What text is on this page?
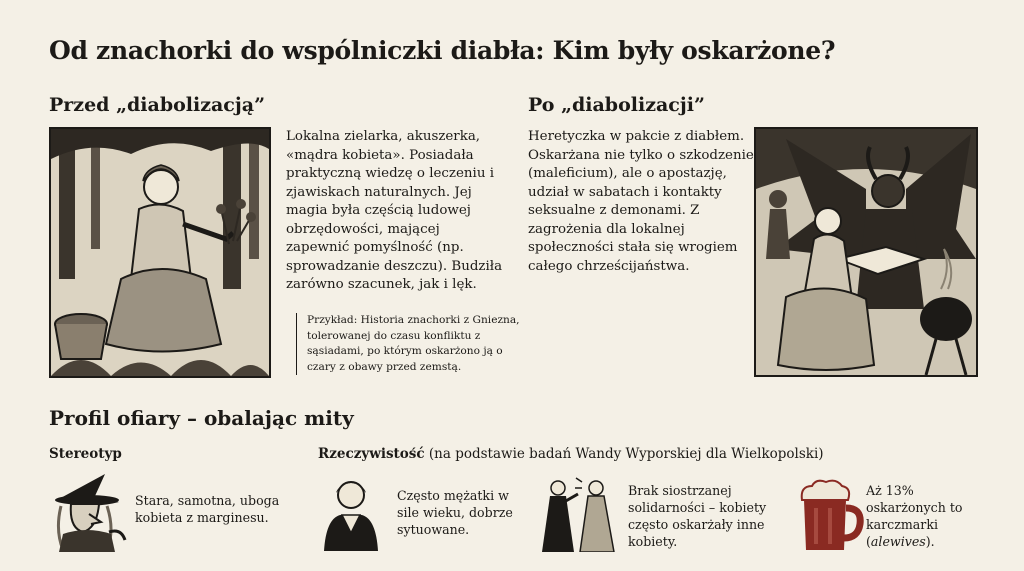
Od znachorki do wspólniczki diabła: Kim były oskarżone?
Przed „diabolizacją”	Po „diabolizacji”
Lokalna zielarka, akuszerka, «mądra kobieta». Posiadała praktyczną wiedzę o leczeniu i zjawiskach naturalnych. Jej magia była częścią ludowej obrzędowości, mającej zapewnić pomyślność (np. sprowadzanie deszczu). Budziła zarówno szacunek, jak i lęk.
Przykład: Historia znachorki z Gniezna, tolerowanej do czasu konfliktu z sąsiadami, po którym oskarżono ją o czary z obawy przed zemstą.
Heretyczka w pakcie z diabłem. Oskarżana nie tylko o szkodzenie (maleficium), ale o apostazję, udział w sabatach i kontakty seksualne z demonami. Z zagrożenia dla lokalnej społeczności stała się wrogiem całego chrześcijaństwa.
Profil ofiary – obalając mity
Stereotyp	Rzeczywistość (na podstawie badań Wandy Wyporskiej dla Wielkopolski)
Stara, samotna, uboga kobieta z marginesu.
Często mężatki w sile wieku, dobrze sytuowane.
Brak siostrzanej solidarności – kobiety często oskarżały inne kobiety.
Aż 13% oskarżonych to karczmarki (alewives).
